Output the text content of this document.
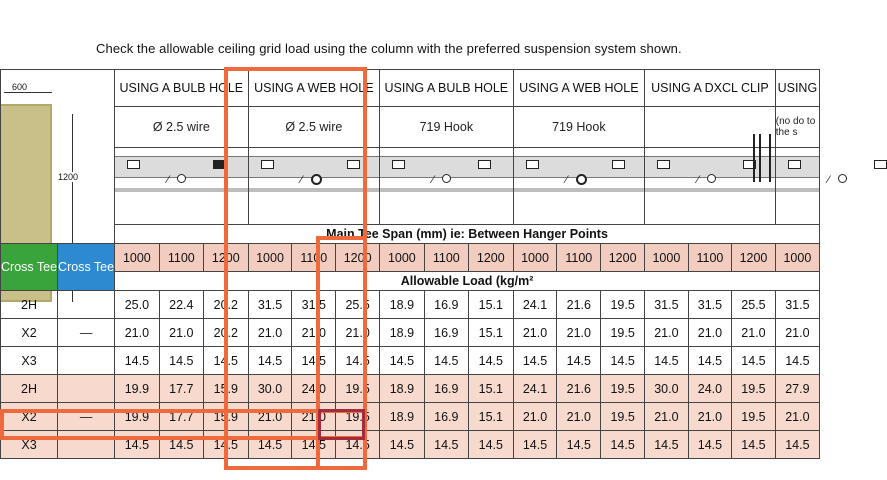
Check the allowable ceiling grid load using the column with the preferred suspension system shown.
600
1200
		USING A BULB HOLE			USING A WEB HOLE			USING A BULB HOLE			USING A WEB HOLE			USING A DXCL CLIP			USING
		Ø 2.5 wire			Ø 2.5 wire			719 Hook			719 Hook						(no do to the s

		⁄			⁄			⁄			⁄			⁄			⁄

		Main Tee Span (mm) ie: Between Hanger Points															
Cross Tee	Cross Tee	1000	1100	1200	1000	1100	1200	1000	1100	1200	1000	1100	1200	1000	1100	1200	1000
		Allowable Load (kg/m²															
2H		25.0	22.4	20.2	31.5	31.5	25.5	18.9	16.9	15.1	24.1	21.6	19.5	31.5	31.5	25.5	31.5
X2	—	21.0	21.0	20.2	21.0	21.0	21.0	18.9	16.9	15.1	21.0	21.0	19.5	21.0	21.0	21.0	21.0
X3		14.5	14.5	14.5	14.5	14.5	14.5	14.5	14.5	14.5	14.5	14.5	14.5	14.5	14.5	14.5	14.5
2H		19.9	17.7	15.9	30.0	24.0	19.5	18.9	16.9	15.1	24.1	21.6	19.5	30.0	24.0	19.5	27.9
X2	—	19.9	17.7	15.9	21.0	21.0	19.5	18.9	16.9	15.1	21.0	21.0	19.5	21.0	21.0	19.5	21.0
X3		14.5	14.5	14.5	14.5	14.5	14.5	14.5	14.5	14.5	14.5	14.5	14.5	14.5	14.5	14.5	14.5
